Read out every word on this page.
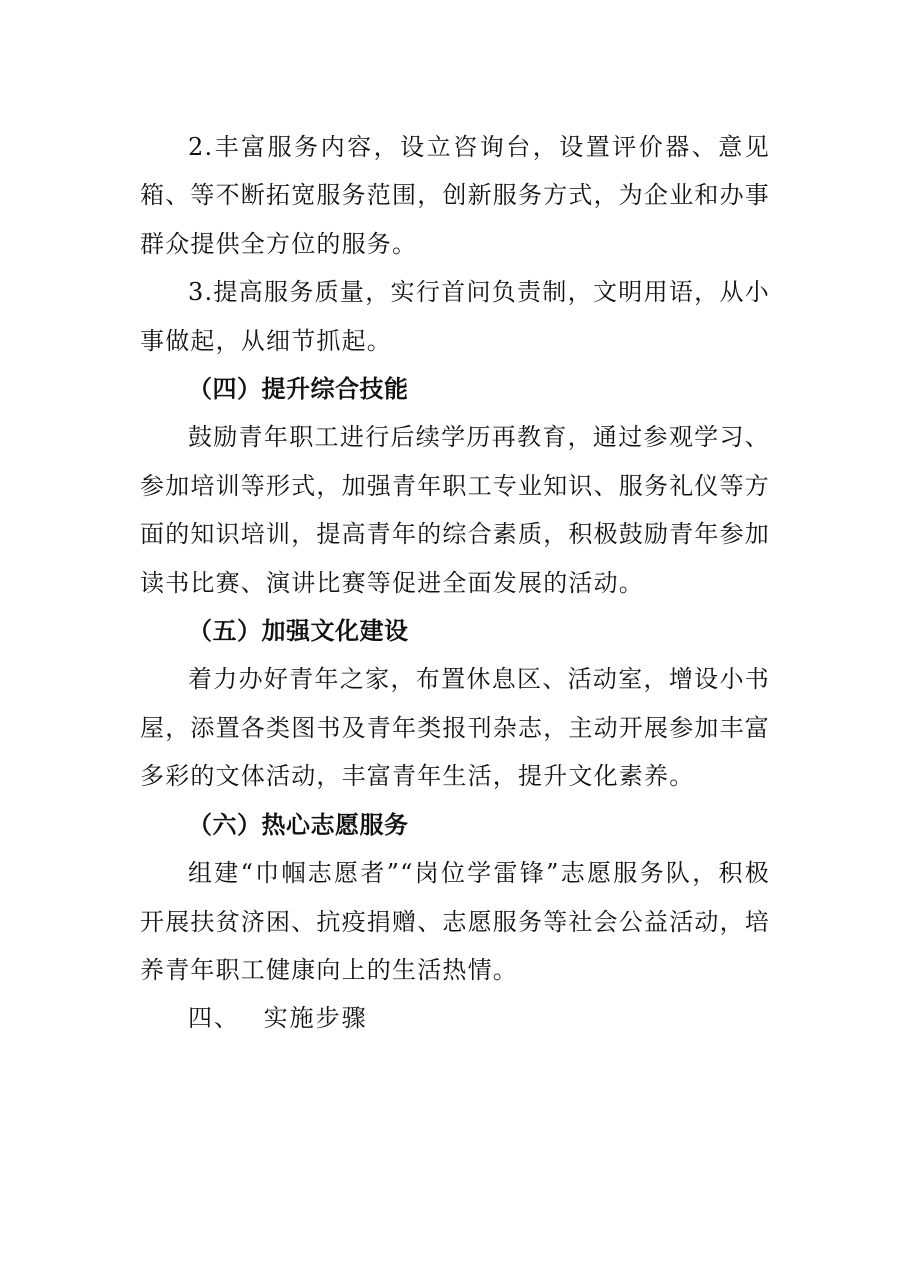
2.丰富服务内容，设立咨询台，设置评价器、意见箱、等不断拓宽服务范围，创新服务方式，为企业和办事群众提供全方位的服务。

3.提高服务质量，实行首问负责制，文明用语，从小事做起，从细节抓起。

（四）提升综合技能

鼓励青年职工进行后续学历再教育，通过参观学习、参加培训等形式，加强青年职工专业知识、服务礼仪等方面的知识培训，提高青年的综合素质，积极鼓励青年参加读书比赛、演讲比赛等促进全面发展的活动。

（五）加强文化建设

着力办好青年之家，布置休息区、活动室，增设小书屋，添置各类图书及青年类报刊杂志，主动开展参加丰富多彩的文体活动，丰富青年生活，提升文化素养。

（六）热心志愿服务

组建“巾帼志愿者”“岗位学雷锋”志愿服务队，积极开展扶贫济困、抗疫捐赠、志愿服务等社会公益活动，培养青年职工健康向上的生活热情。

四、 实施步骤
